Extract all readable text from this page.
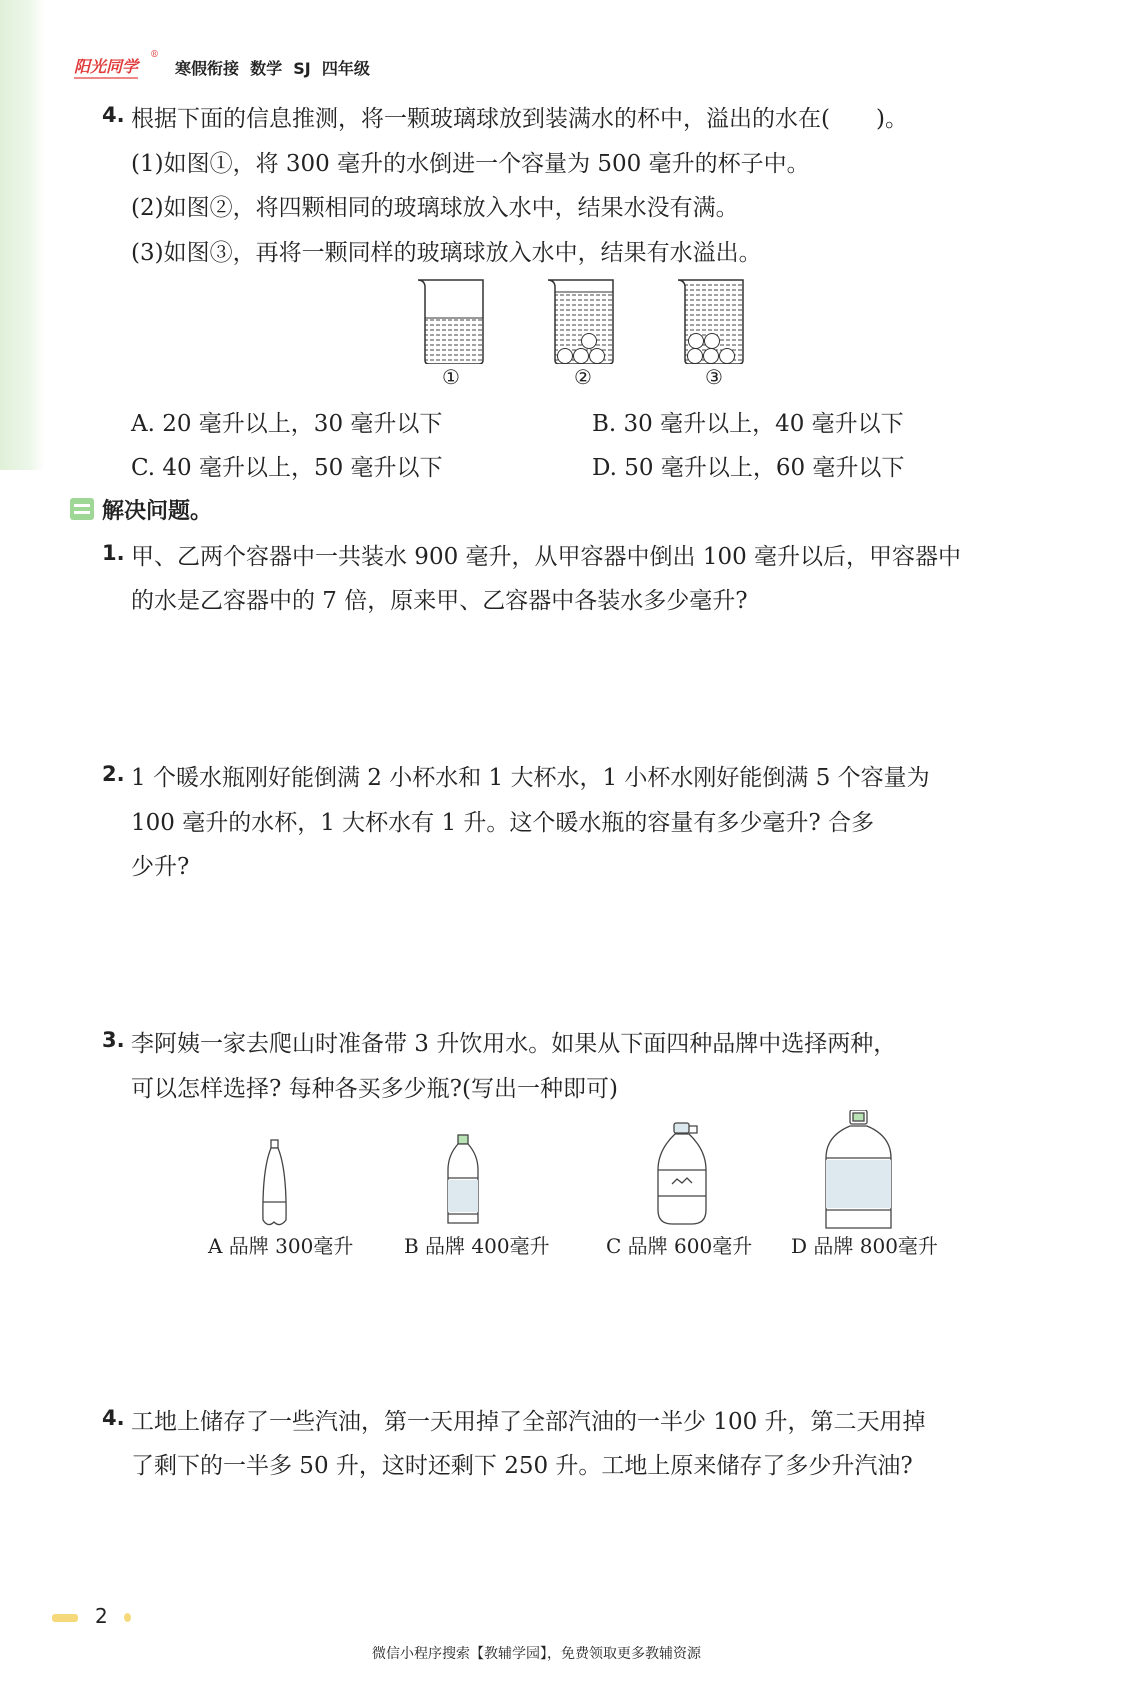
阳光同学
®
寒假衔接  数学  SJ  四年级
4. 根据下面的信息推测，将一颗玻璃球放到装满水的杯中，溢出的水在(　　)。
(1)如图①，将 300 毫升的水倒进一个容量为 500 毫升的杯子中。
(2)如图②，将四颗相同的玻璃球放入水中，结果水没有满。
(3)如图③，再将一颗同样的玻璃球放入水中，结果有水溢出。
①	②	③
A. 20 毫升以上，30 毫升以下	B. 30 毫升以上，40 毫升以下
C. 40 毫升以上，50 毫升以下	D. 50 毫升以上，60 毫升以下
解决问题。
1. 甲、乙两个容器中一共装水 900 毫升，从甲容器中倒出 100 毫升以后，甲容器中
的水是乙容器中的 7 倍，原来甲、乙容器中各装水多少毫升?
2. 1 个暖水瓶刚好能倒满 2 小杯水和 1 大杯水，1 小杯水刚好能倒满 5 个容量为
100 毫升的水杯，1 大杯水有 1 升。这个暖水瓶的容量有多少毫升? 合多
少升?
3. 李阿姨一家去爬山时准备带 3 升饮用水。如果从下面四种品牌中选择两种，
可以怎样选择? 每种各买多少瓶?(写出一种即可)
A 品牌 300毫升	B 品牌 400毫升	C 品牌 600毫升 D 品牌 800毫升
4. 工地上储存了一些汽油，第一天用掉了全部汽油的一半少 100 升，第二天用掉
了剩下的一半多 50 升，这时还剩下 250 升。工地上原来储存了多少升汽油?
2
微信小程序搜索【教辅学园】，免费领取更多教辅资源
